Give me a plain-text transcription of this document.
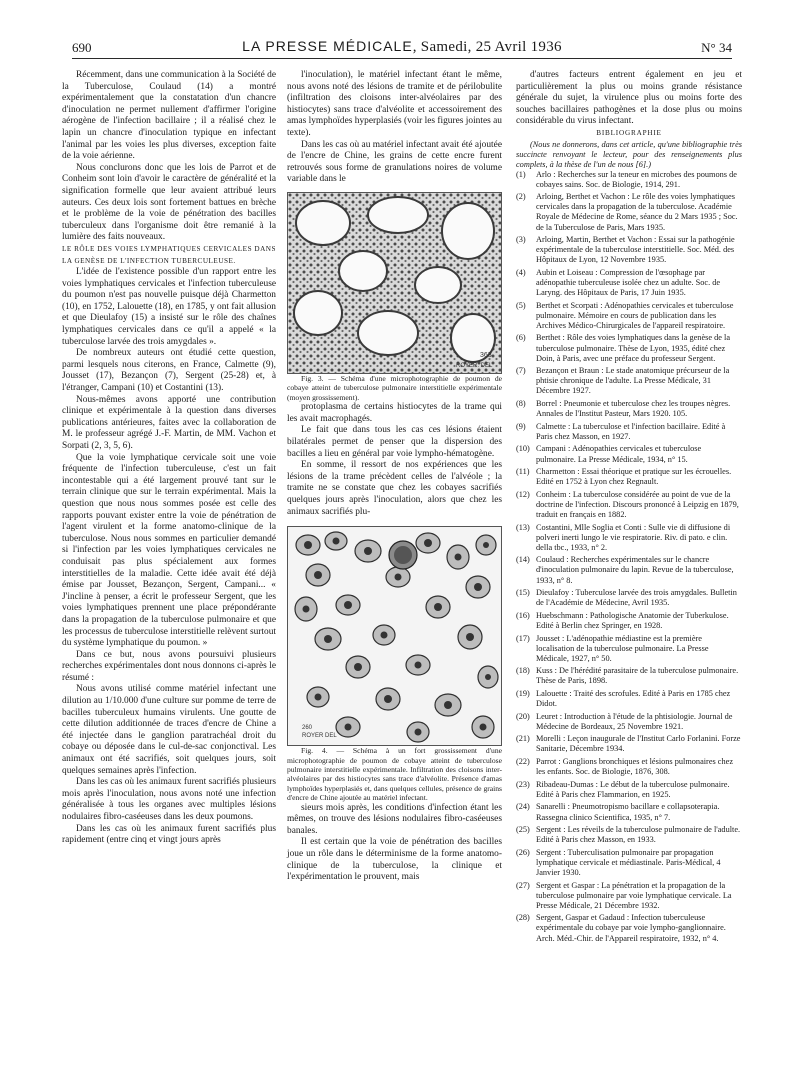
690	LA PRESSE MÉDICALE, Samedi, 25 Avril 1936	N° 34

Récemment, dans une communication à la Société de la Tuberculose, Coulaud (14) a montré expérimentalement que la constatation d'un chancre d'inoculation ne permet nullement d'affirmer l'origine aérogène de l'infection bacillaire ; il a réalisé chez le lapin un chancre d'inoculation typique en infectant l'animal par les voies les plus diverses, exception faite de la voie aérienne.

Nous conclurons donc que les lois de Parrot et de Conheim sont loin d'avoir le caractère de généralité et la signification formelle que leur avaient attribué leurs auteurs. Ces deux lois sont fortement battues en brèche et le problème de la voie de pénétration des bacilles tuberculeux dans l'organisme doit être remanié à la lumière des faits nouveaux.

LE RÔLE DES VOIES LYMPHATIQUES CERVICALES DANS LA GENÈSE DE L'INFECTION TUBERCULEUSE.

L'idée de l'existence possible d'un rapport entre les voies lymphatiques cervicales et l'infection tuberculeuse du poumon n'est pas nouvelle puisque déjà Charmetton (10), en 1752, Lalouette (18), en 1785, y ont fait allusion et que Dieulafoy (15) a insisté sur le rôle des chaînes lymphatiques cervicales dans ce qu'il a appelé « la tuberculose larvée des trois amygdales ».

De nombreux auteurs ont étudié cette question, parmi lesquels nous citerons, en France, Calmette (9), Jousset (17), Bezançon (7), Sergent (25-28) et, à l'étranger, Campani (10) et Costantini (13).

Nous-mêmes avons apporté une contribution clinique et expérimentale à la question dans diverses publications antérieures, faites avec la collaboration de M. le professeur agrégé J.-F. Martin, de MM. Vachon et Sorpati (2, 3, 5, 6).

Que la voie lymphatique cervicale soit une voie fréquente de l'infection tuberculeuse, c'est un fait incontestable qui a été largement prouvé tant sur le terrain clinique que sur le terrain expérimental. Mais la question que nous nous sommes posée est celle des rapports pouvant exister entre la voie de pénétration de l'agent virulent et la forme anatomo-clinique de la tuberculose. Nous nous sommes en particulier demandé si l'infection par les voies lymphatiques cervicales ne conduisait pas plus spécialement aux formes interstitielles de la maladie. Cette idée avait été déjà émise par Jousset, Bezançon, Sergent, Campani... « J'incline à penser, a écrit le professeur Sergent, que les voies lymphatiques prennent une place prépondérante dans la propagation de la tuberculose pulmonaire et que les processus de tuberculose interstitielle relèvent surtout du système lymphatique du poumon. »

Dans ce but, nous avons poursuivi plusieurs recherches expérimentales dont nous donnons ci-après le résumé :

Nous avons utilisé comme matériel infectant une dilution au 1/10.000 d'une culture sur pomme de terre de bacilles tuberculeux humains virulents. Une goutte de cette dilution additionnée de traces d'encre de Chine a été injectée dans le ganglion paratrachéal droit du cobaye ou déposée dans le cul-de-sac conjonctival. Les animaux ont été sacrifiés, soit quelques jours, soit quelques semaines après l'infection.

Dans les cas où les animaux furent sacrifiés plusieurs mois après l'inoculation, nous avons noté une infection généralisée à tous les organes avec multiples lésions nodulaires fibro-caséeuses dans les deux poumons.

Dans les cas où les animaux furent sacrifiés plus rapidement (entre cinq et vingt jours après

l'inoculation), le matériel infectant étant le même, nous avons noté des lésions de tramite et de périlobulite (infiltration des cloisons inter-alvéolaires par des histiocytes) sans trace d'alvéolite et accessoirement des amas lymphoïdes hyperplasiés (voir les figures jointes au texte).

Dans les cas où au matériel infectant avait été ajoutée de l'encre de Chine, les grains de cette encre furent retrouvés sous forme de granulations noires de volume variable dans le

363
ROYER. DEL

Fig. 3. — Schéma d'une microphotographie de poumon de cobaye atteint de tuberculose pulmonaire interstitielle expérimentale (moyen grossissement).

protoplasma de certains histiocytes de la trame qui les avait macrophagés.

Le fait que dans tous les cas ces lésions étaient bilatérales permet de penser que la dispersion des bacilles a lieu en général par voie lympho-hématogène.

En somme, il ressort de nos expériences que les lésions de la trame précèdent celles de l'alvéole ; la tramite ne se constate que chez les cobayes sacrifiés quelques jours après l'inoculation, alors que chez les animaux sacrifiés plu-

260
ROYER DEL

Fig. 4. — Schéma à un fort grossissement d'une microphotographie de poumon de cobaye atteint de tuberculose pulmonaire interstitielle expérimentale. Infiltration des cloisons inter-alvéolaires par des histiocytes sans trace d'alvéolite. Présence d'amas lymphoïdes hyperplasiés et, dans quelques cellules, présence de grains d'encre de Chine ajoutée au matériel infectant.

sieurs mois après, les conditions d'infection étant les mêmes, on trouve des lésions nodulaires fibro-caséeuses banales.

Il est certain que la voie de pénétration des bacilles joue un rôle dans le déterminisme de la forme anatomo-clinique de la tuberculose, la clinique et l'expérimentation le prouvent, mais

d'autres facteurs entrent également en jeu et particulièrement la plus ou moins grande résistance générale du sujet, la virulence plus ou moins forte des souches bacillaires pathogènes et la dose plus ou moins considérable du virus infectant.

BIBLIOGRAPHIE

(Nous ne donnerons, dans cet article, qu'une bibliographie très succincte renvoyant le lecteur, pour des renseignements plus complets, à la thèse de l'un de nous [6].)

(1) Arlo : Recherches sur la teneur en microbes des poumons de cobayes sains. Soc. de Biologie, 1914, 291.

(2) Arloing, Berthet et Vachon : Le rôle des voies lymphatiques cervicales dans la propagation de la tuberculose. Académie Royale de Médecine de Rome, séance du 2 Mars 1935 ; Soc. de la Tuberculose de Paris, Mars 1935.

(3) Arloing, Martin, Berthet et Vachon : Essai sur la pathogénie expérimentale de la tuberculose interstitielle. Soc. Méd. des Hôpitaux de Lyon, 12 Novembre 1935.

(4) Aubin et Loiseau : Compression de l'œsophage par adénopathie tuberculeuse isolée chez un adulte. Soc. de Laryng. des Hôpitaux de Paris, 17 Juin 1935.

(5) Berthet et Scorpati : Adénopathies cervicales et tuberculose pulmonaire. Mémoire en cours de publication dans les Archives Médico-Chirurgicales de l'appareil respiratoire.

(6) Berthet : Rôle des voies lymphatiques dans la genèse de la tuberculose pulmonaire. Thèse de Lyon, 1935, édité chez Doin, à Paris, avec une préface du professeur Sergent.

(7) Bezançon et Braun : Le stade anatomique précurseur de la phtisie chronique de l'adulte. La Presse Médicale, 31 Décembre 1927.

(8) Borrel : Pneumonie et tuberculose chez les troupes nègres. Annales de l'Institut Pasteur, Mars 1920. 105.

(9) Calmette : La tuberculose et l'infection bacillaire. Edité à Paris chez Masson, en 1927.

(10) Campani : Adénopathies cervicales et tuberculose pulmonaire. La Presse Médicale, 1934, n° 15.

(11) Charmetton : Essai théorique et pratique sur les écrouelles. Edité en 1752 à Lyon chez Regnault.

(12) Conheim : La tuberculose considérée au point de vue de la doctrine de l'infection. Discours prononcé à Leipzig en 1879, traduit en français en 1882.

(13) Costantini, Mlle Soglia et Conti : Sulle vie di diffusione di polveri inerti lungo le vie respiratorie. Riv. di pato. e clin. della tbc., 1933, n° 2.

(14) Coulaud : Recherches expérimentales sur le chancre d'inoculation pulmonaire du lapin. Revue de la tuberculose, 1933, n° 8.

(15) Dieulafoy : Tuberculose larvée des trois amygdales. Bulletin de l'Académie de Médecine, Avril 1935.

(16) Huebschmann : Pathologische Anatomie der Tuberkulose. Edité à Berlin chez Springer, en 1928.

(17) Jousset : L'adénopathie médiastine est la première localisation de la tuberculose pulmonaire. La Presse Médicale, 1927, n° 50.

(18) Kuss : De l'hérédité parasitaire de la tuberculose pulmonaire. Thèse de Paris, 1898.

(19) Lalouette : Traité des scrofules. Edité à Paris en 1785 chez Didot.

(20) Leuret : Introduction à l'étude de la phtisiologie. Journal de Médecine de Bordeaux, 25 Novembre 1921.

(21) Morelli : Leçon inaugurale de l'Institut Carlo Forlanini. Forze Sanitarie, Décembre 1934.

(22) Parrot : Ganglions bronchiques et lésions pulmonaires chez les enfants. Soc. de Biologie, 1876, 308.

(23) Ribadeau-Dumas : Le début de la tuberculose pulmonaire. Edité à Paris chez Flammarion, en 1925.

(24) Sanarelli : Pneumotropismo bacillare e collapsoterapia. Rassegna clinico Scientifica, 1935, n° 7.

(25) Sergent : Les réveils de la tuberculose pulmonaire de l'adulte. Edité à Paris chez Masson, en 1933.

(26) Sergent : Tuberculisation pulmonaire par propagation lymphatique cervicale et médiastinale. Paris-Médical, 4 Janvier 1930.

(27) Sergent et Gaspar : La pénétration et la propagation de la tuberculose pulmonaire par voie lymphatique cervicale. La Presse Médicale, 21 Décembre 1932.

(28) Sergent, Gaspar et Gadaud : Infection tuberculeuse expérimentale du cobaye par voie lympho-ganglionnaire. Arch. Méd.-Chir. de l'Appareil respiratoire, 1932, n° 4.
